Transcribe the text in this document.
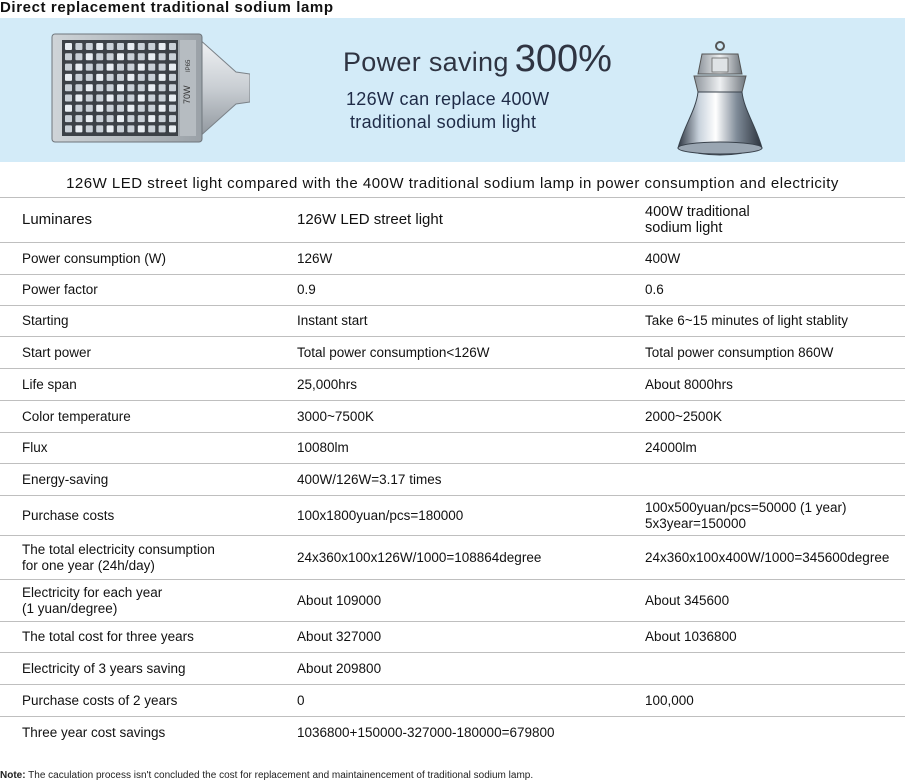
Direct replacement traditional sodium lamp
70W
IP65	Power saving 300%
126W can replace 400W
traditional sodium light
126W LED street light compared with the 400W traditional sodium lamp in power consumption and electricity
Luminares	126W LED street light	400W traditional
sodium light

Power consumption (W)	126W	400W

Power factor	0.9	0.6

Starting	Instant start	Take 6~15 minutes of light stablity

Start power	Total power consumption<126W	Total power consumption 860W

Life span	25,000hrs	About 8000hrs

Color temperature	3000~7500K	2000~2500K

Flux	10080lm	24000lm

Energy-saving	400W/126W=3.17 times	

Purchase costs	100x1800yuan/pcs=180000	100x500yuan/pcs=50000 (1 year)
5x3year=150000

The total electricity consumption
for one year (24h/day)	24x360x100x126W/1000=108864degree	24x360x100x400W/1000=345600degree

Electricity for each year
(1 yuan/degree)	About 109000	About 345600

The total cost for three years	About 327000	About 1036800

Electricity of 3 years saving	About 209800	

Purchase costs of 2 years	0	100,000

Three year cost savings	1036800+150000-327000-180000=679800	

Note: The caculation process isn't concluded the cost for replacement and maintainencement of traditional sodium lamp.
